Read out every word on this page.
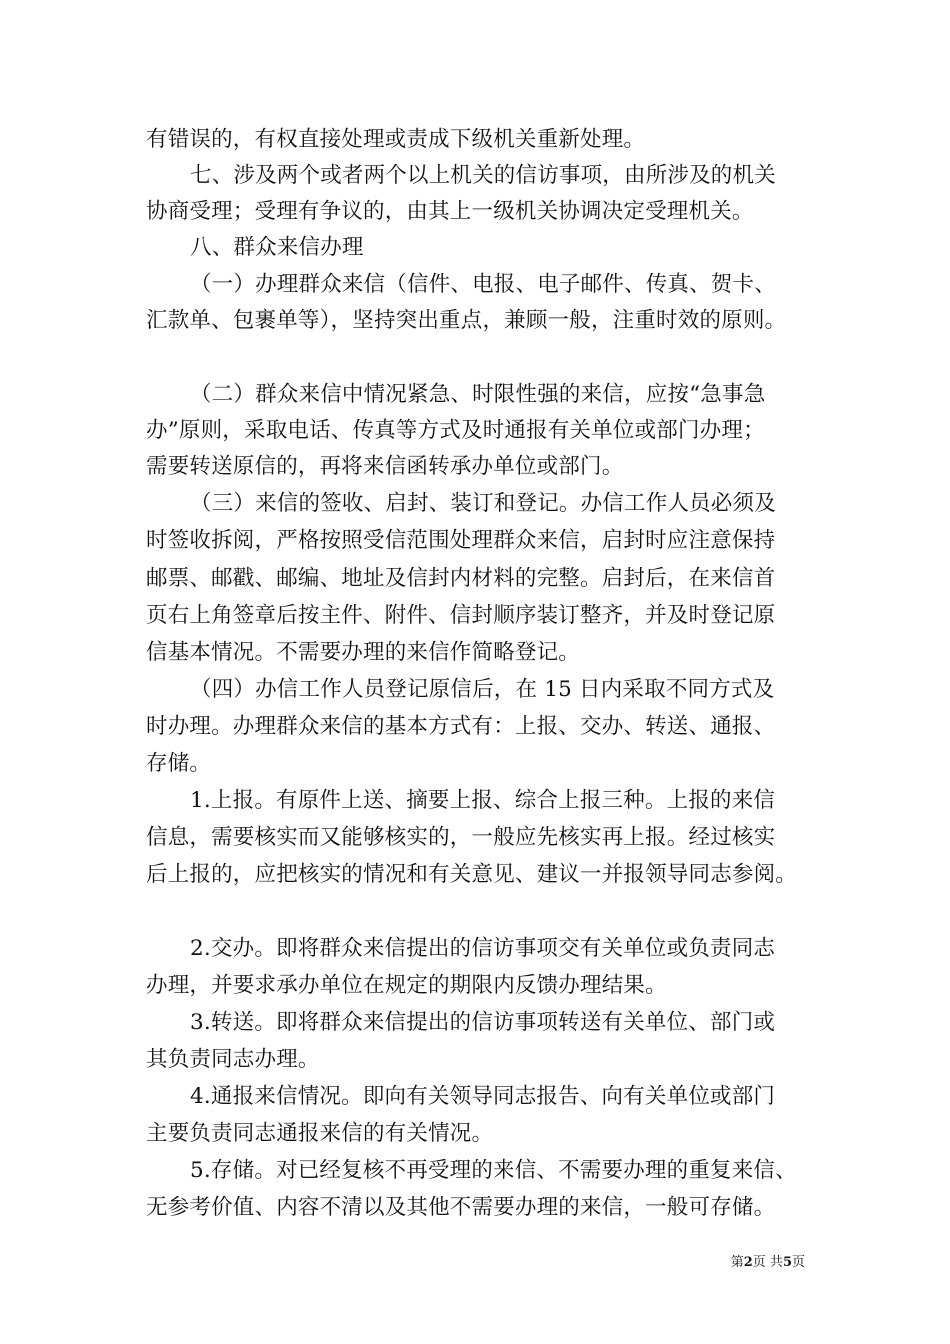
有错误的，有权直接处理或责成下级机关重新处理。
七、涉及两个或者两个以上机关的信访事项，由所涉及的机关
协商受理；受理有争议的，由其上一级机关协调决定受理机关。
八、群众来信办理
（一）办理群众来信（信件、电报、电子邮件、传真、贺卡、
汇款单、包裹单等），坚持突出重点，兼顾一般，注重时效的原则。
（二）群众来信中情况紧急、时限性强的来信，应按“急事急
办”原则，采取电话、传真等方式及时通报有关单位或部门办理；
需要转送原信的，再将来信函转承办单位或部门。
（三）来信的签收、启封、装订和登记。办信工作人员必须及
时签收拆阅，严格按照受信范围处理群众来信，启封时应注意保持
邮票、邮戳、邮编、地址及信封内材料的完整。启封后，在来信首
页右上角签章后按主件、附件、信封顺序装订整齐，并及时登记原
信基本情况。不需要办理的来信作简略登记。
（四）办信工作人员登记原信后，在 15 日内采取不同方式及
时办理。办理群众来信的基本方式有：上报、交办、转送、通报、
存储。
1.上报。有原件上送、摘要上报、综合上报三种。上报的来信
信息，需要核实而又能够核实的，一般应先核实再上报。经过核实
后上报的，应把核实的情况和有关意见、建议一并报领导同志参阅。
2.交办。即将群众来信提出的信访事项交有关单位或负责同志
办理，并要求承办单位在规定的期限内反馈办理结果。
3.转送。即将群众来信提出的信访事项转送有关单位、部门或
其负责同志办理。
4.通报来信情况。即向有关领导同志报告、向有关单位或部门
主要负责同志通报来信的有关情况。
5.存储。对已经复核不再受理的来信、不需要办理的重复来信、
无参考价值、内容不清以及其他不需要办理的来信，一般可存储。
第2页 共5页
